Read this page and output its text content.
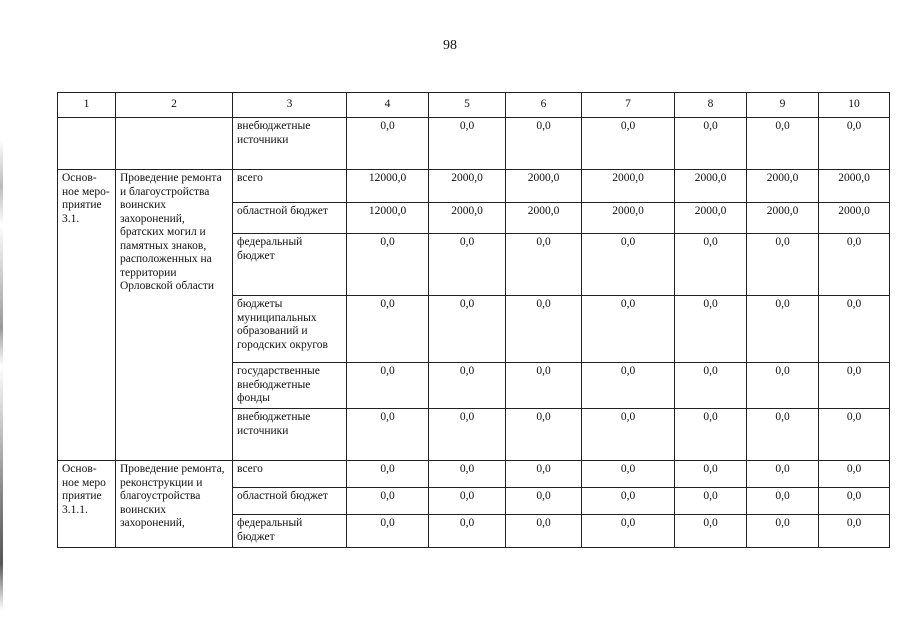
98
1	2	3	4	5	6	7	8	9	10
		внебюджетные источники	0,0	0,0	0,0	0,0	0,0	0,0	0,0
Основ-ное меро-приятие 3.1.	Проведение ремонта и благоустройства воинских захоронений, братских могил и памятных знаков, расположенных на территории Орловской области	всего	12000,0	2000,0	2000,0	2000,0	2000,0	2000,0	2000,0
		областной бюджет	12000,0	2000,0	2000,0	2000,0	2000,0	2000,0	2000,0
		федеральный бюджет	0,0	0,0	0,0	0,0	0,0	0,0	0,0
		бюджеты муниципальных образований и городских округов	0,0	0,0	0,0	0,0	0,0	0,0	0,0
		государственные внебюджетные фонды	0,0	0,0	0,0	0,0	0,0	0,0	0,0
		внебюджетные источники	0,0	0,0	0,0	0,0	0,0	0,0	0,0
Основ-ное меро приятие 3.1.1.	Проведение ремонта, реконструкции и благоустройства воинских захоронений,	всего	0,0	0,0	0,0	0,0	0,0	0,0	0,0
		областной бюджет	0,0	0,0	0,0	0,0	0,0	0,0	0,0
		федеральный бюджет	0,0	0,0	0,0	0,0	0,0	0,0	0,0
